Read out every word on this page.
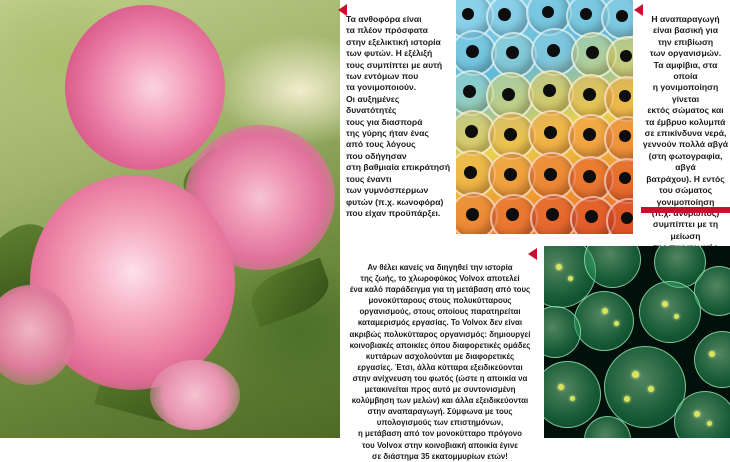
Τα ανθοφόρα είναι

τα πλέον πρόσφατα

στην εξελικτική ιστορία

των φυτών. Η εξέλιξή

τους συμπίπτει με αυτή

των εντόμων που

τα γονιμοποιούν.

Οι αυξημένες δυνατότητές

τους για διασπορά

της γύρης ήταν ένας

από τους λόγους

που οδήγησαν

στη βαθμιαία επικράτησή

τους έναντι

των γυμνόσπερμων

φυτών (π.χ. κωνοφόρα)

που είχαν προϋπάρξει.

Η αναπαραγωγή

είναι βασική για

την επιβίωση

των οργανισμών.

Τα αμφίβια, στα οποία

η γονιμοποίηση γίνεται

εκτός σώματος και

τα έμβρυο κολυμπά

σε επικίνδυνα νερά,

γεννούν πολλά αβγά

(στη φωτογραφία, αβγά

βατράχου). Η εντός

του σώματος

γονιμοποίηση

συμπίπτει με τη μείωση

Αν θέλει κανείς να διηγηθεί την ιστορία

της ζωής, το χλωροφύκος Volvox αποτελεί

ένα καλό παράδειγμα για τη μετάβαση από τους

μονοκύτταρους στους πολυκύτταρους

οργανισμούς, στους οποίους παρατηρείται

καταμερισμός εργασίας. Το Volvox δεν είναι

ακριβώς πολυκύτταρος οργανισμός: δημιουργεί

κοινοβιακές αποικίες όπου διαφορετικές ομάδες

κυττάρων ασχολούνται με διαφορετικές

εργασίες. Έτσι, άλλα κύτταρα εξειδικεύονται

στην ανίχνευση του φωτός (ώστε η αποικία να

μετακινείται προς αυτό με συντονισμένη

κολύμβηση των μελών) και άλλα εξειδικεύονται

στην αναπαραγωγή. Σύμφωνα με τους

υπολογισμούς των επιστημόνων,

η μετάβαση από τον μονοκύτταρο πρόγονο

του Volvox στην κοινοβιακή αποικία έγινε

σε διάστημα 35 εκατομμυρίων ετών!
